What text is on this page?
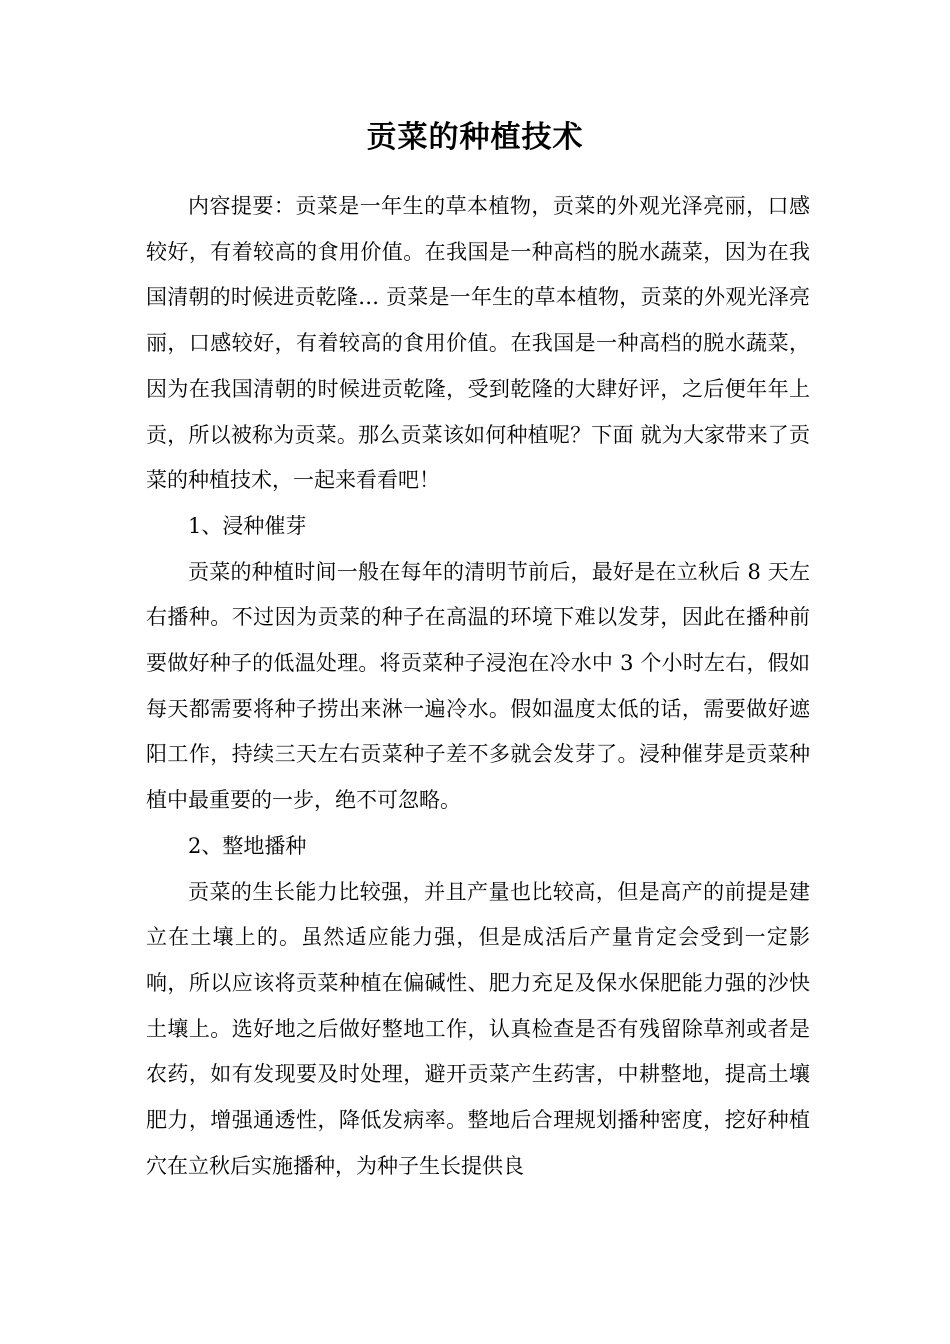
贡菜的种植技术

内容提要：贡菜是一年生的草本植物，贡菜的外观光泽亮丽，口感较好，有着较高的食用价值。在我国是一种高档的脱水蔬菜，因为在我国清朝的时候进贡乾隆… 贡菜是一年生的草本植物，贡菜的外观光泽亮丽，口感较好，有着较高的食用价值。在我国是一种高档的脱水蔬菜，因为在我国清朝的时候进贡乾隆，受到乾隆的大肆好评，之后便年年上贡，所以被称为贡菜。那么贡菜该如何种植呢？下面 就为大家带来了贡菜的种植技术，一起来看看吧！

1、浸种催芽

贡菜的种植时间一般在每年的清明节前后，最好是在立秋后 8 天左右播种。不过因为贡菜的种子在高温的环境下难以发芽，因此在播种前要做好种子的低温处理。将贡菜种子浸泡在冷水中 3 个小时左右，假如每天都需要将种子捞出来淋一遍冷水。假如温度太低的话，需要做好遮阳工作，持续三天左右贡菜种子差不多就会发芽了。浸种催芽是贡菜种植中最重要的一步，绝不可忽略。

2、整地播种

贡菜的生长能力比较强，并且产量也比较高，但是高产的前提是建立在土壤上的。虽然适应能力强，但是成活后产量肯定会受到一定影响，所以应该将贡菜种植在偏碱性、肥力充足及保水保肥能力强的沙快土壤上。选好地之后做好整地工作，认真检查是否有残留除草剂或者是农药，如有发现要及时处理，避开贡菜产生药害，中耕整地，提高土壤肥力，增强通透性，降低发病率。整地后合理规划播种密度，挖好种植穴在立秋后实施播种，为种子生长提供良
